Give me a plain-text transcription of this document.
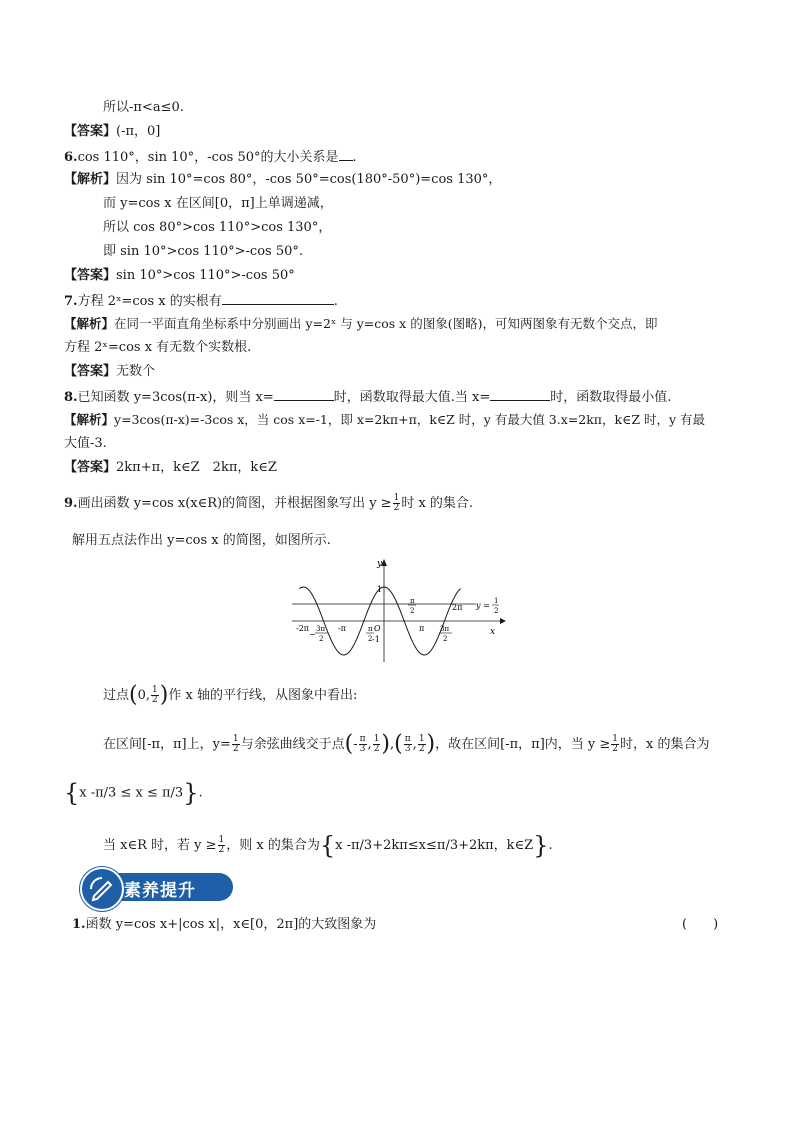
所以-π<a≤0.
【答案】(-π，0]
6.cos 110°，sin 10°，-cos 50°的大小关系是 .
【解析】因为 sin 10°=cos 80°，-cos 50°=cos(180°-50°)=cos 130°，
而 y=cos x 在区间[0，π]上单调递减，
所以 cos 80°>cos 110°>cos 130°，
即 sin 10°>cos 110°>-cos 50°.
【答案】sin 10°>cos 110°>-cos 50°
7.方程 2ˣ=cos x 的实根有	.
【解析】在同一平面直角坐标系中分别画出 y=2ˣ 与 y=cos x 的图象(图略)，可知两图象有无数个交点，即
方程 2ˣ=cos x 有无数个实数根.
【答案】无数个
8.已知函数 y=3cos(π-x)，则当 x=	时，函数取得最大值.当 x=	时，函数取得最小值.
【解析】y=3cos(π-x)=-3cos x，当 cos x=-1，即 x=2kπ+π，k∈Z 时，y 有最大值 3.x=2kπ，k∈Z 时，y 有最
大值-3.
【答案】2kπ+π，k∈Z　2kπ，k∈Z
9.画出函数 y=cos x(x∈R)的简图，并根据图象写出 $y \ge \frac{1}{2}$ 时 x 的集合.
解用五点法作出 y=cos x 的简图，如图所示.
y
x
O
1
-1
-2π	-π	π
2π
π
2
3π
2
−
π
2
3π
2
y = 1
2
过点(0, $\frac{1}{2}$ )作 x 轴的平行线，从图象中看出:
在区间[-π，π]上，$y= \frac{1}{2}$ 与余弦曲线交于点(- $\frac{\pi}{3}$ , $\frac{1}{2}$ ),( $\frac{\pi}{3}$ , $\frac{1}{2}$ )，故在区间[-π，π]内，当 $y \ge \frac{1}{2}$ 时，x 的集合为
{x -π/3 ≤ x ≤ π/3}.
当 x∈R 时，若 $y \ge \frac{1}{2}$ ，则 x 的集合为{x -π/3+2kπ≤x≤π/3+2kπ，k∈Z}.
素养提升
1.函数 y=cos x+|cos x|，x∈[0，2π]的大致图象为	(　　)
